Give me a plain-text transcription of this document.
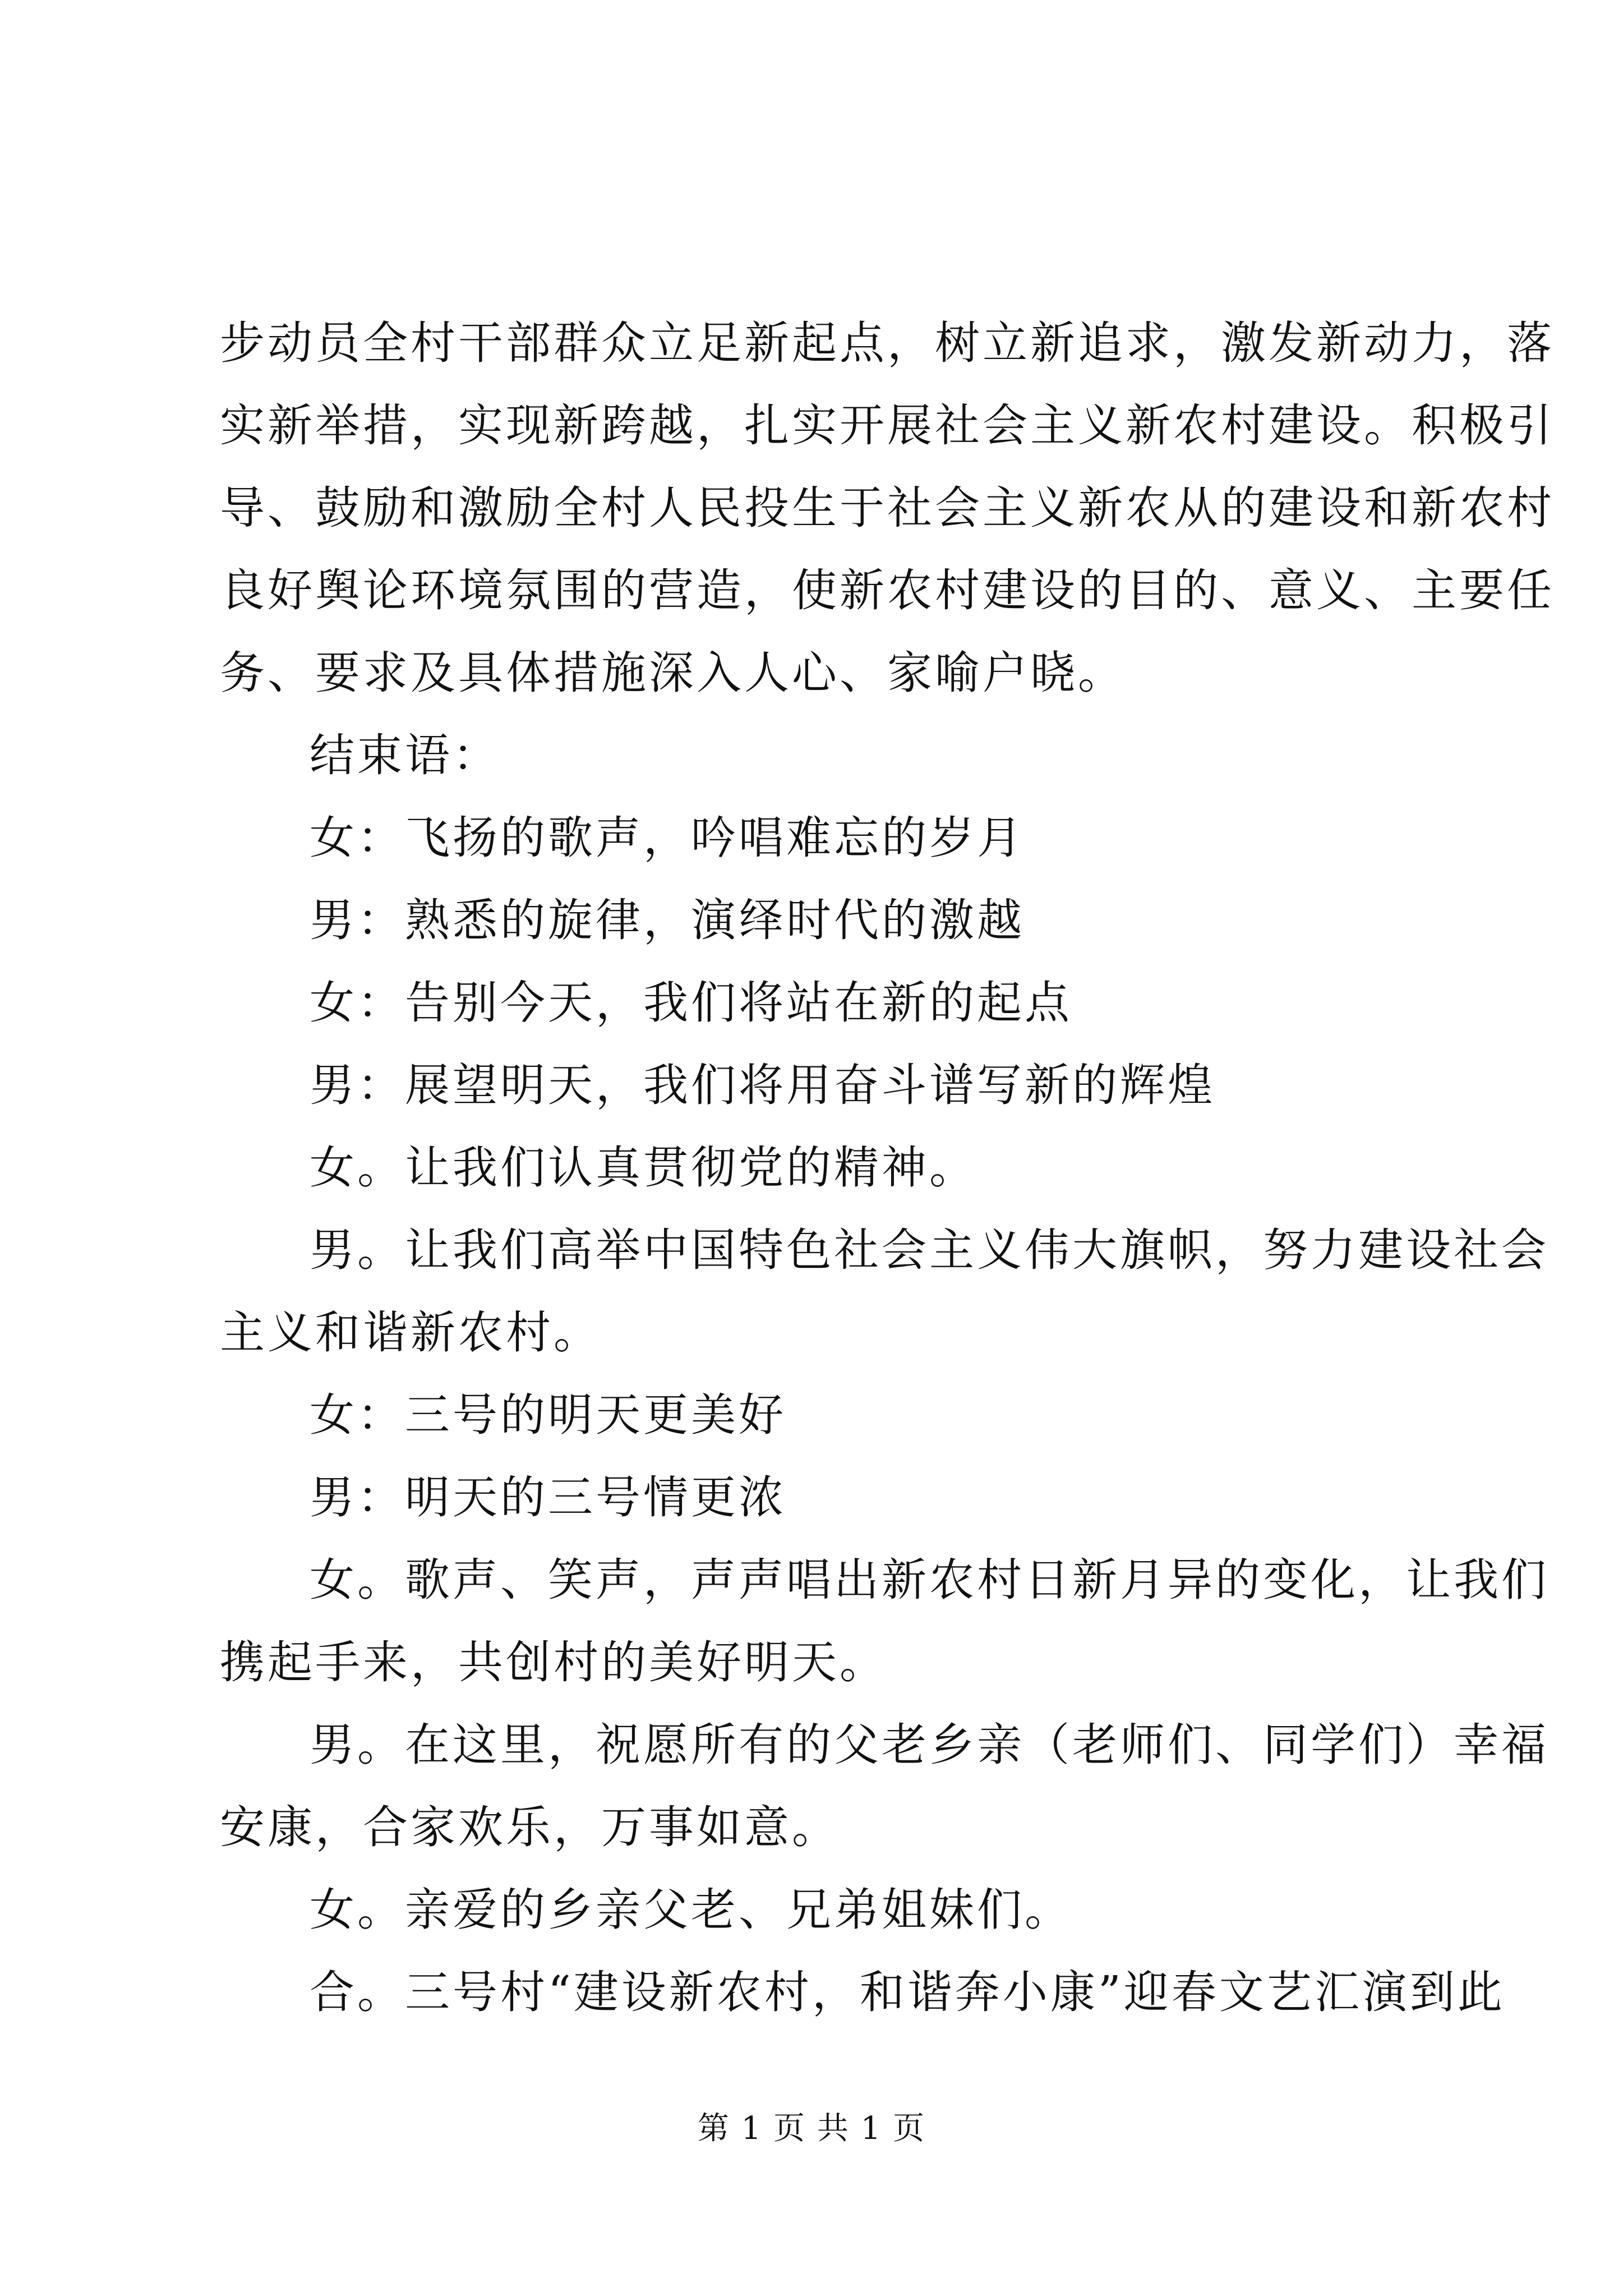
步动员全村干部群众立足新起点，树立新追求，激发新动力，落
实新举措，实现新跨越，扎实开展社会主义新农村建设。积极引
导、鼓励和激励全村人民投生于社会主义新农从的建设和新农村
良好舆论环境氛围的营造，使新农村建设的目的、意义、主要任
务、要求及具体措施深入人心、家喻户晓。
结束语：
女：飞扬的歌声，吟唱难忘的岁月
男：熟悉的旋律，演绎时代的激越
女：告别今天，我们将站在新的起点
男：展望明天，我们将用奋斗谱写新的辉煌
女。让我们认真贯彻党的精神。
男。让我们高举中国特色社会主义伟大旗帜，努力建设社会
主义和谐新农村。
女：三号的明天更美好
男：明天的三号情更浓
女。歌声、笑声，声声唱出新农村日新月异的变化，让我们
携起手来，共创村的美好明天。
男。在这里，祝愿所有的父老乡亲（老师们、同学们）幸福
安康，合家欢乐，万事如意。
女。亲爱的乡亲父老、兄弟姐妹们。
合。三号村“建设新农村，和谐奔小康”迎春文艺汇演到此
第 1 页 共 1 页
